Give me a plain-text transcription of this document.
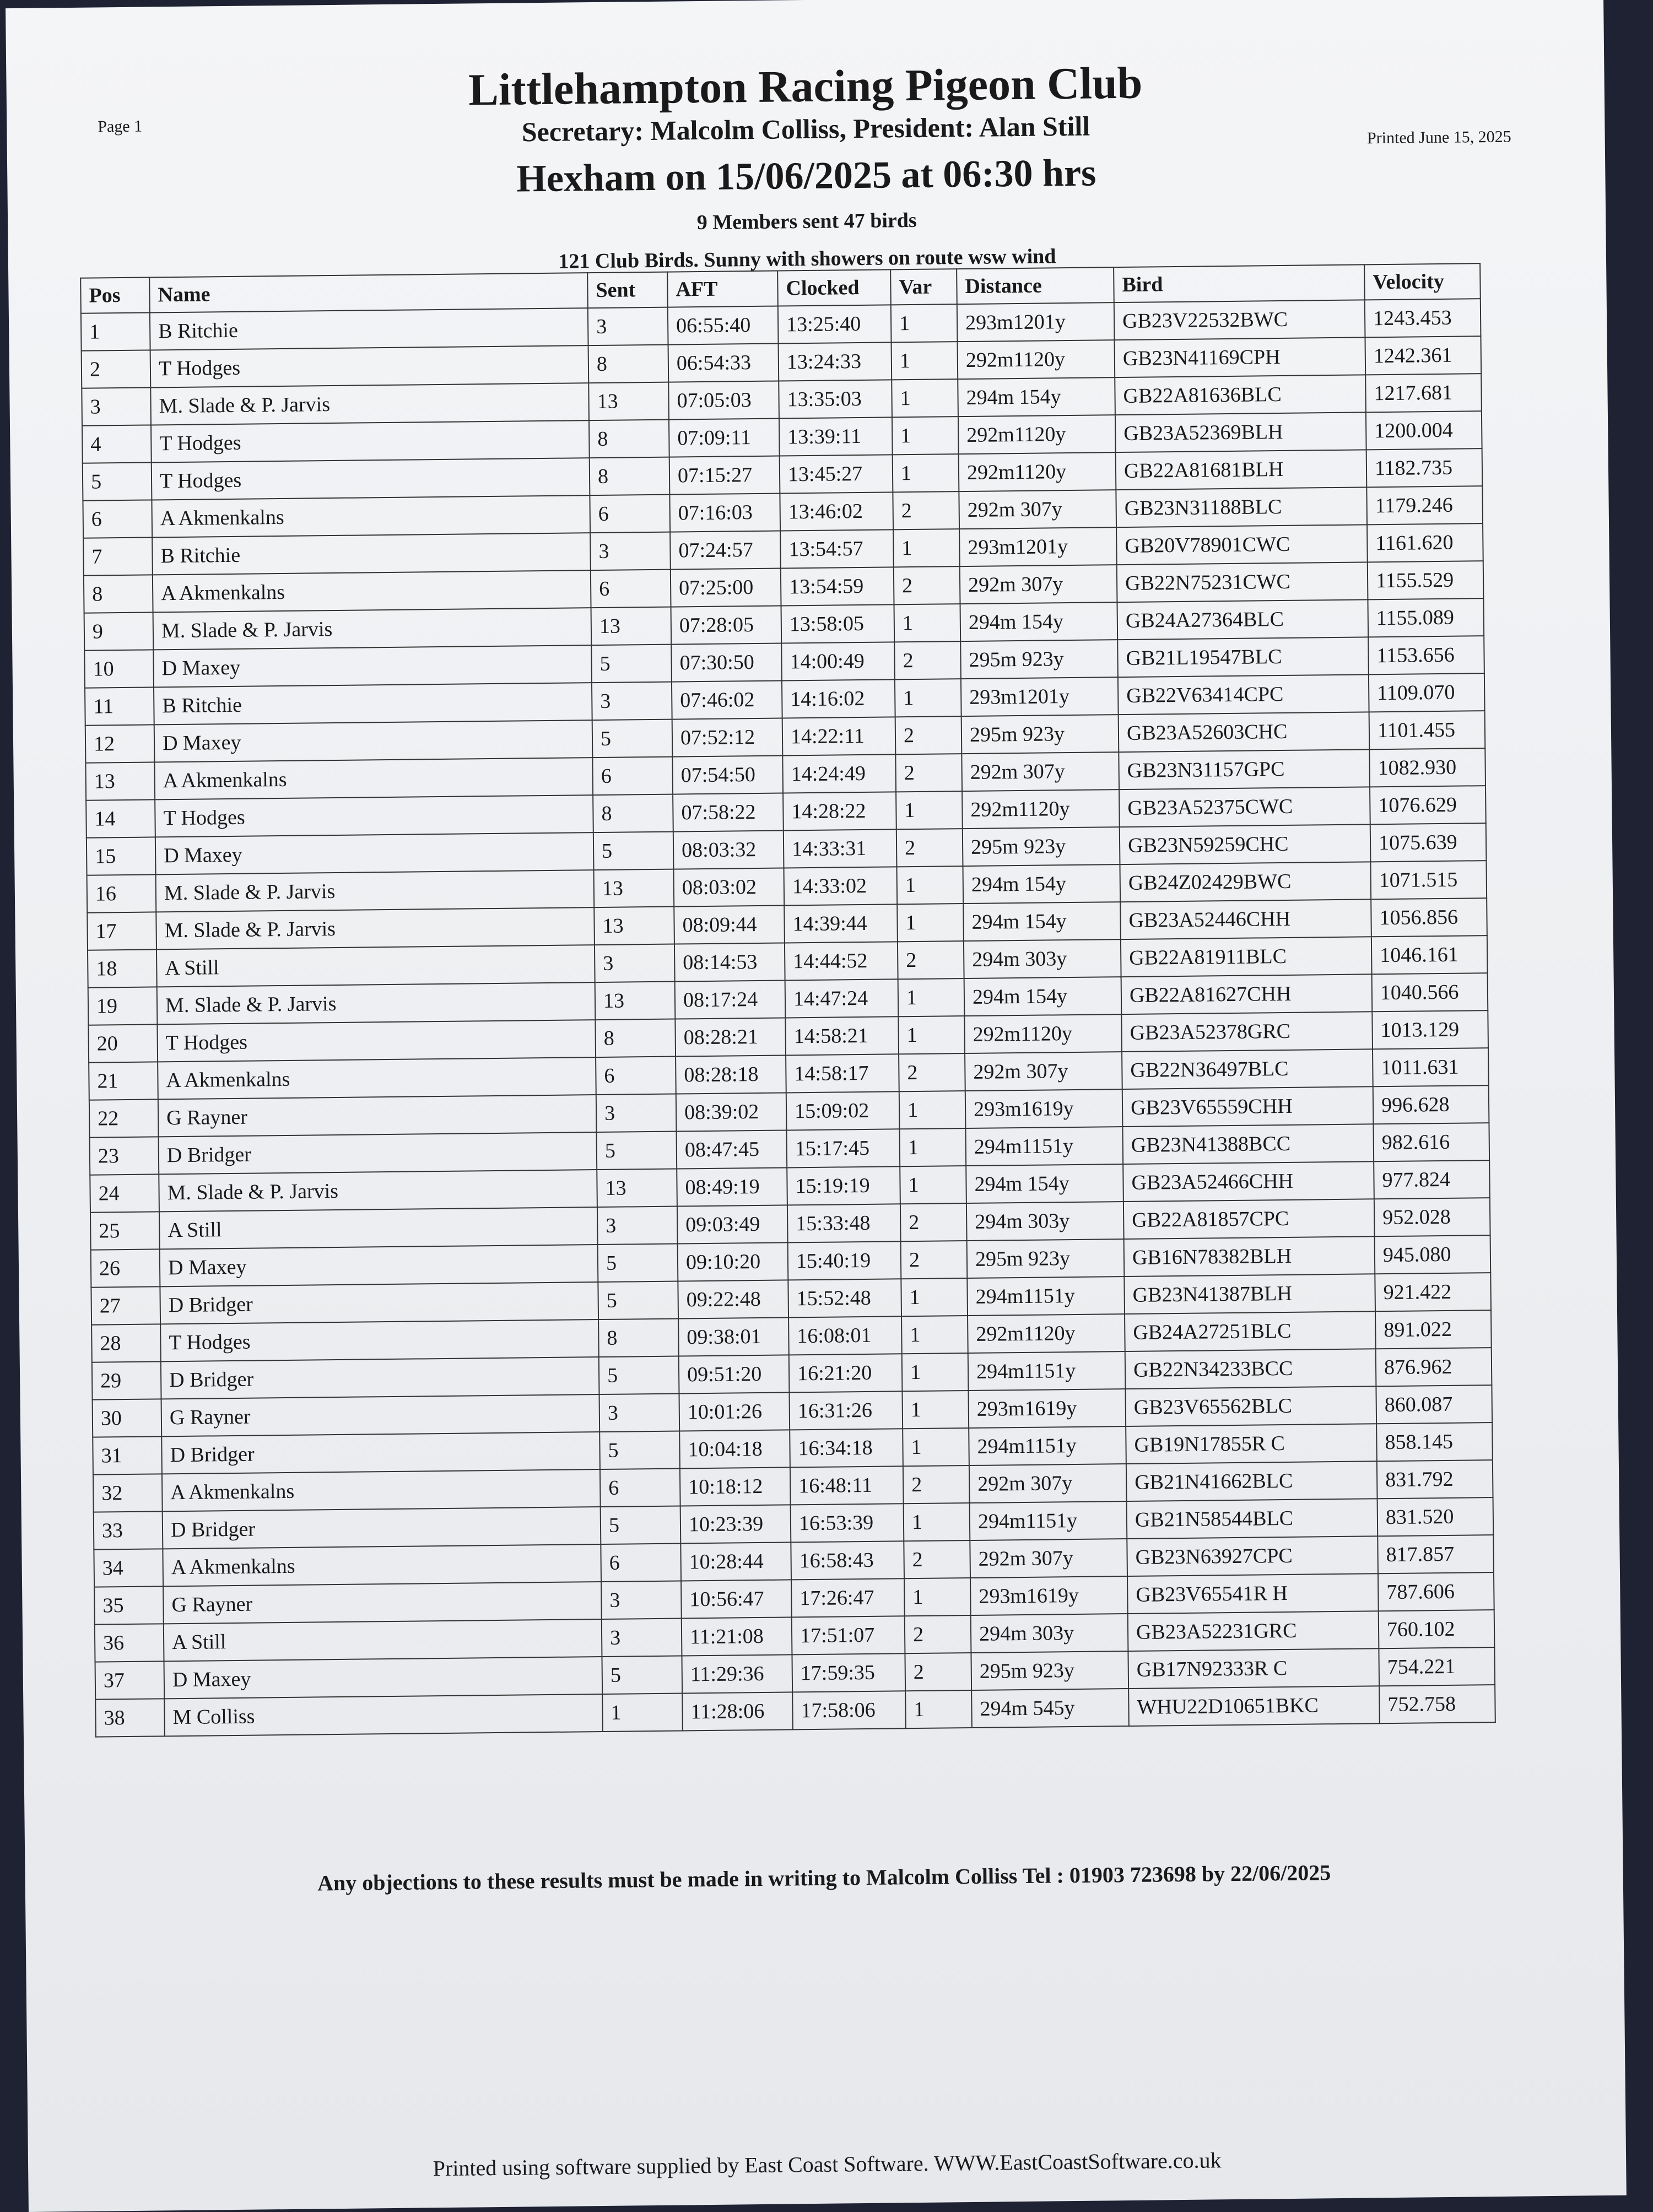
Page 1
Printed June 15, 2025
Littlehampton Racing Pigeon Club
Secretary: Malcolm Colliss, President: Alan Still
Hexham on 15/06/2025 at 06:30 hrs
9 Members sent 47 birds
121 Club Birds. Sunny with showers on route wsw wind
Pos	Name	Sent	AFT	Clocked	Var	Distance	Bird	Velocity
1	B Ritchie	3	06:55:40	13:25:40	1	293m1201y	GB23V22532BWC	1243.453
2	T Hodges	8	06:54:33	13:24:33	1	292m1120y	GB23N41169CPH	1242.361
3	M. Slade & P. Jarvis	13	07:05:03	13:35:03	1	294m 154y	GB22A81636BLC	1217.681
4	T Hodges	8	07:09:11	13:39:11	1	292m1120y	GB23A52369BLH	1200.004
5	T Hodges	8	07:15:27	13:45:27	1	292m1120y	GB22A81681BLH	1182.735
6	A Akmenkalns	6	07:16:03	13:46:02	2	292m 307y	GB23N31188BLC	1179.246
7	B Ritchie	3	07:24:57	13:54:57	1	293m1201y	GB20V78901CWC	1161.620
8	A Akmenkalns	6	07:25:00	13:54:59	2	292m 307y	GB22N75231CWC	1155.529
9	M. Slade & P. Jarvis	13	07:28:05	13:58:05	1	294m 154y	GB24A27364BLC	1155.089
10	D Maxey	5	07:30:50	14:00:49	2	295m 923y	GB21L19547BLC	1153.656
11	B Ritchie	3	07:46:02	14:16:02	1	293m1201y	GB22V63414CPC	1109.070
12	D Maxey	5	07:52:12	14:22:11	2	295m 923y	GB23A52603CHC	1101.455
13	A Akmenkalns	6	07:54:50	14:24:49	2	292m 307y	GB23N31157GPC	1082.930
14	T Hodges	8	07:58:22	14:28:22	1	292m1120y	GB23A52375CWC	1076.629
15	D Maxey	5	08:03:32	14:33:31	2	295m 923y	GB23N59259CHC	1075.639
16	M. Slade & P. Jarvis	13	08:03:02	14:33:02	1	294m 154y	GB24Z02429BWC	1071.515
17	M. Slade & P. Jarvis	13	08:09:44	14:39:44	1	294m 154y	GB23A52446CHH	1056.856
18	A Still	3	08:14:53	14:44:52	2	294m 303y	GB22A81911BLC	1046.161
19	M. Slade & P. Jarvis	13	08:17:24	14:47:24	1	294m 154y	GB22A81627CHH	1040.566
20	T Hodges	8	08:28:21	14:58:21	1	292m1120y	GB23A52378GRC	1013.129
21	A Akmenkalns	6	08:28:18	14:58:17	2	292m 307y	GB22N36497BLC	1011.631
22	G Rayner	3	08:39:02	15:09:02	1	293m1619y	GB23V65559CHH	996.628
23	D Bridger	5	08:47:45	15:17:45	1	294m1151y	GB23N41388BCC	982.616
24	M. Slade & P. Jarvis	13	08:49:19	15:19:19	1	294m 154y	GB23A52466CHH	977.824
25	A Still	3	09:03:49	15:33:48	2	294m 303y	GB22A81857CPC	952.028
26	D Maxey	5	09:10:20	15:40:19	2	295m 923y	GB16N78382BLH	945.080
27	D Bridger	5	09:22:48	15:52:48	1	294m1151y	GB23N41387BLH	921.422
28	T Hodges	8	09:38:01	16:08:01	1	292m1120y	GB24A27251BLC	891.022
29	D Bridger	5	09:51:20	16:21:20	1	294m1151y	GB22N34233BCC	876.962
30	G Rayner	3	10:01:26	16:31:26	1	293m1619y	GB23V65562BLC	860.087
31	D Bridger	5	10:04:18	16:34:18	1	294m1151y	GB19N17855R C	858.145
32	A Akmenkalns	6	10:18:12	16:48:11	2	292m 307y	GB21N41662BLC	831.792
33	D Bridger	5	10:23:39	16:53:39	1	294m1151y	GB21N58544BLC	831.520
34	A Akmenkalns	6	10:28:44	16:58:43	2	292m 307y	GB23N63927CPC	817.857
35	G Rayner	3	10:56:47	17:26:47	1	293m1619y	GB23V65541R H	787.606
36	A Still	3	11:21:08	17:51:07	2	294m 303y	GB23A52231GRC	760.102
37	D Maxey	5	11:29:36	17:59:35	2	295m 923y	GB17N92333R C	754.221
38	M Colliss	1	11:28:06	17:58:06	1	294m 545y	WHU22D10651BKC	752.758
Any objections to these results must be made in writing to Malcolm Colliss Tel : 01903 723698 by 22/06/2025
Printed using software supplied by East Coast Software. WWW.EastCoastSoftware.co.uk
